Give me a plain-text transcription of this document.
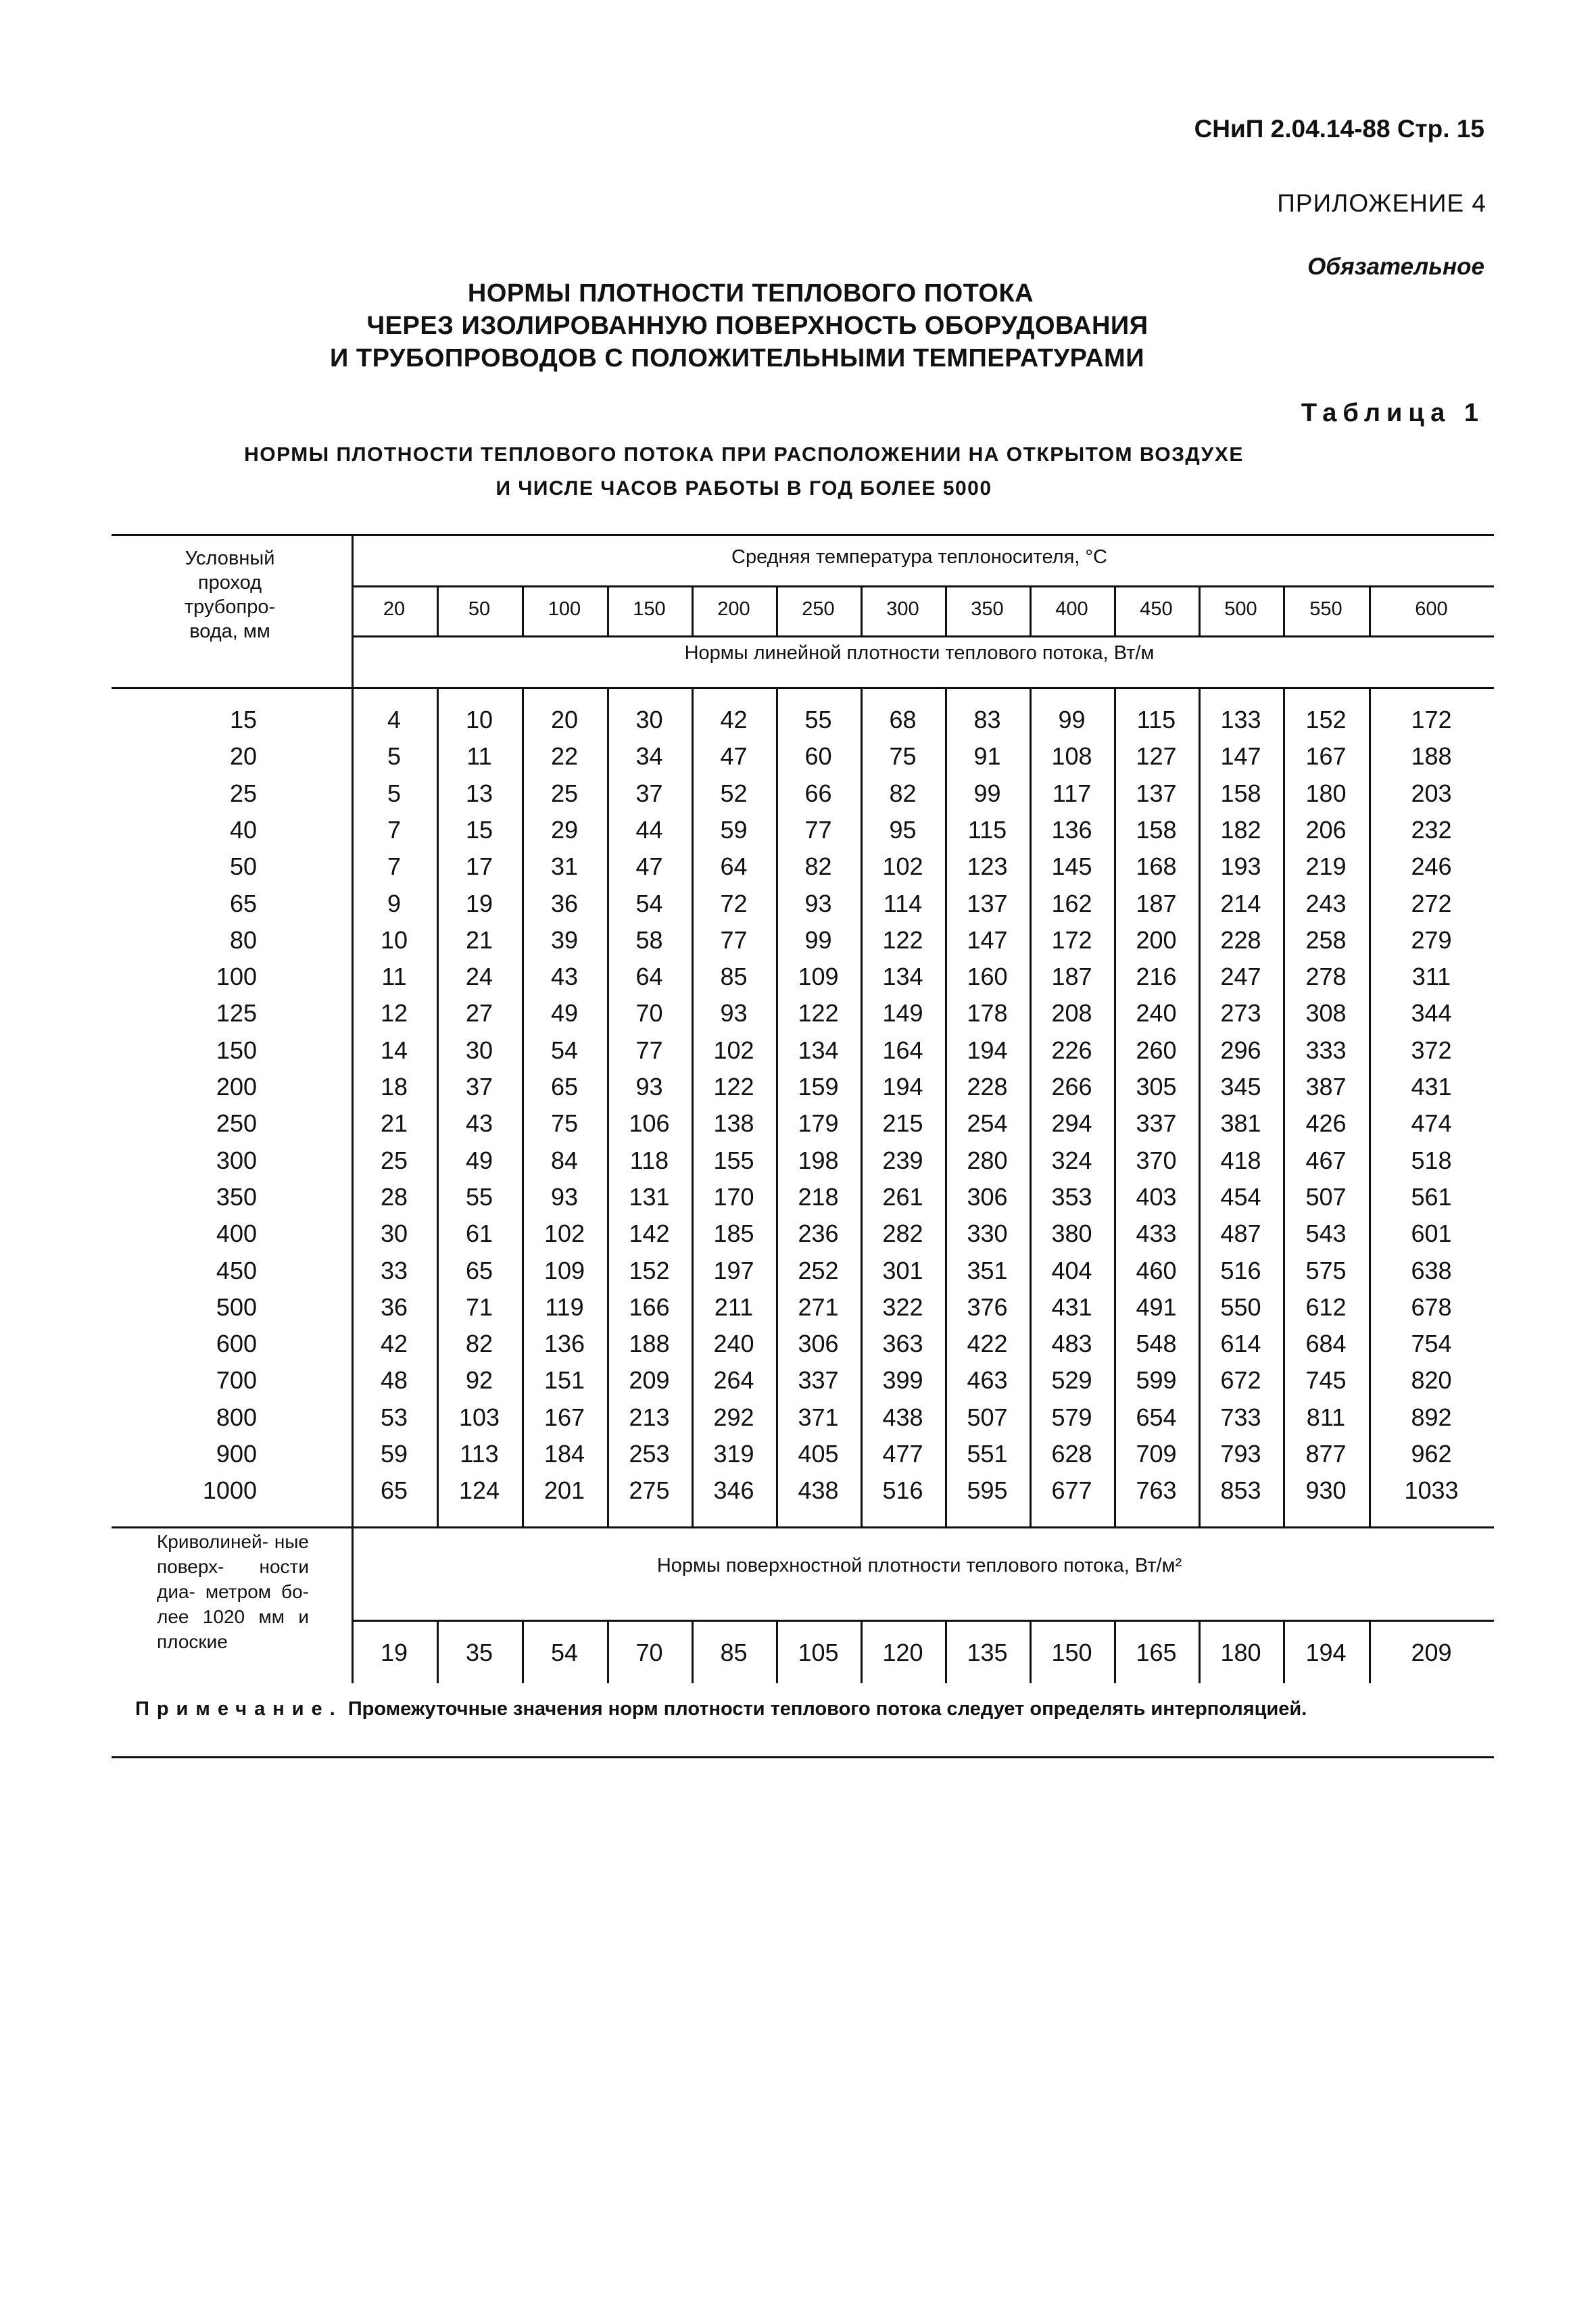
СНиП 2.04.14-88 Стр. 15
ПРИЛОЖЕНИЕ 4
Обязательное
НОРМЫ ПЛОТНОСТИ ТЕПЛОВОГО ПОТОКА
ЧЕРЕЗ ИЗОЛИРОВАННУЮ ПОВЕРХНОСТЬ ОБОРУДОВАНИЯ
И ТРУБОПРОВОДОВ С ПОЛОЖИТЕЛЬНЫМИ ТЕМПЕРАТУРАМИ
Таблица 1
НОРМЫ ПЛОТНОСТИ ТЕПЛОВОГО ПОТОКА ПРИ РАСПОЛОЖЕНИИ НА ОТКРЫТОМ ВОЗДУХЕ
И ЧИСЛЕ ЧАСОВ РАБОТЫ В ГОД БОЛЕЕ 5000
Условный
проход
трубопро-
вода, мм
Средняя температура теплоносителя, °С
Нормы линейной плотности теплового потока, Вт/м
Криволиней- ные поверх- ности диа- метром бо- лее 1020 мм и плоские
Нормы поверхностной плотности теплового потока, Вт/м²
20	50	100	150	200	250	300	350	400	450	500	550	600
15	4	10	20	30	42	55	68	83	99	115	133	152	172
20	5	11	22	34	47	60	75	91	108	127	147	167	188
25	5	13	25	37	52	66	82	99	117	137	158	180	203
40	7	15	29	44	59	77	95	115	136	158	182	206	232
50	7	17	31	47	64	82	102	123	145	168	193	219	246
65	9	19	36	54	72	93	114	137	162	187	214	243	272
80	10	21	39	58	77	99	122	147	172	200	228	258	279
100	11	24	43	64	85	109	134	160	187	216	247	278	311
125	12	27	49	70	93	122	149	178	208	240	273	308	344
150	14	30	54	77	102	134	164	194	226	260	296	333	372
200	18	37	65	93	122	159	194	228	266	305	345	387	431
250	21	43	75	106	138	179	215	254	294	337	381	426	474
300	25	49	84	118	155	198	239	280	324	370	418	467	518
350	28	55	93	131	170	218	261	306	353	403	454	507	561
400	30	61	102	142	185	236	282	330	380	433	487	543	601
450	33	65	109	152	197	252	301	351	404	460	516	575	638
500	36	71	119	166	211	271	322	376	431	491	550	612	678
600	42	82	136	188	240	306	363	422	483	548	614	684	754
700	48	92	151	209	264	337	399	463	529	599	672	745	820
800	53	103	167	213	292	371	438	507	579	654	733	811	892
900	59	113	184	253	319	405	477	551	628	709	793	877	962
1000	65	124	201	275	346	438	516	595	677	763	853	930	1033
19	35	54	70	85	105	120	135	150	165	180	194	209
Примечание. Промежуточные значения норм плотности теплового потока следует определять интерполяцией.
